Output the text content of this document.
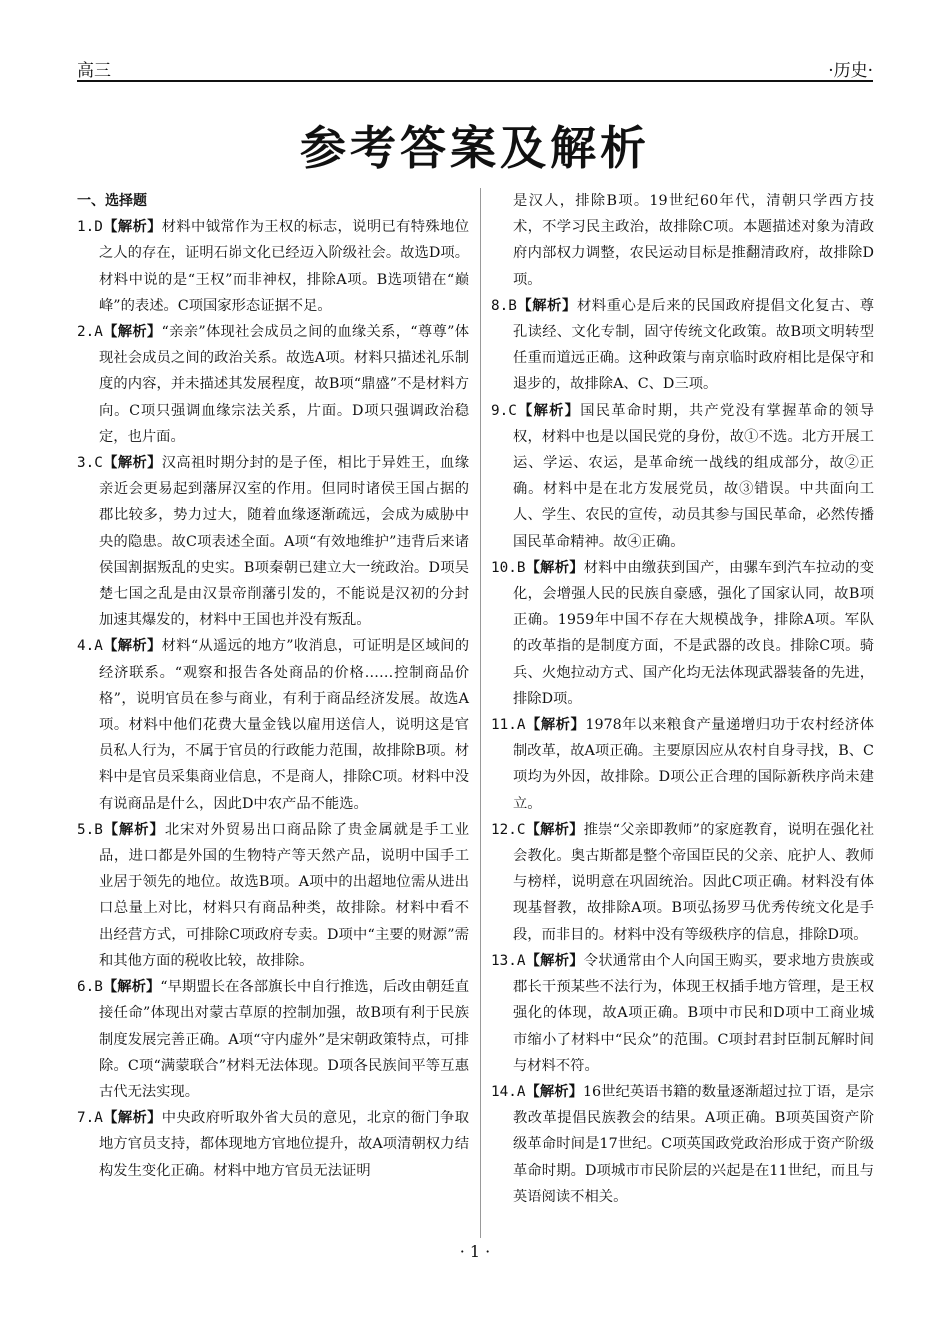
高三	·历史·
参考答案及解析
一、选择题
1.D【解析】材料中钺常作为王权的标志，说明已有特殊地位之人的存在，证明石峁文化已经迈入阶级社会。故选D项。材料中说的是“王权”而非神权，排除A项。B选项错在“巅峰”的表述。C项国家形态证据不足。
2.A【解析】“亲亲”体现社会成员之间的血缘关系，“尊尊”体现社会成员之间的政治关系。故选A项。材料只描述礼乐制度的内容，并未描述其发展程度，故B项“鼎盛”不是材料方向。C项只强调血缘宗法关系，片面。D项只强调政治稳定，也片面。
3.C【解析】汉高祖时期分封的是子侄，相比于异姓王，血缘亲近会更易起到藩屏汉室的作用。但同时诸侯王国占据的郡比较多，势力过大，随着血缘逐渐疏远，会成为威胁中央的隐患。故C项表述全面。A项“有效地维护”违背后来诸侯国割据叛乱的史实。B项秦朝已建立大一统政治。D项吴楚七国之乱是由汉景帝削藩引发的，不能说是汉初的分封加速其爆发的，材料中王国也并没有叛乱。
4.A【解析】材料“从遥远的地方”收消息，可证明是区域间的经济联系。“观察和报告各处商品的价格……控制商品价格”，说明官员在参与商业，有利于商品经济发展。故选A项。材料中他们花费大量金钱以雇用送信人，说明这是官员私人行为，不属于官员的行政能力范围，故排除B项。材料中是官员采集商业信息，不是商人，排除C项。材料中没有说商品是什么，因此D中农产品不能选。
5.B【解析】北宋对外贸易出口商品除了贵金属就是手工业品，进口都是外国的生物特产等天然产品，说明中国手工业居于领先的地位。故选B项。A项中的出超地位需从进出口总量上对比，材料只有商品种类，故排除。材料中看不出经营方式，可排除C项政府专卖。D项中“主要的财源”需和其他方面的税收比较，故排除。
6.B【解析】“早期盟长在各部旗长中自行推选，后改由朝廷直接任命”体现出对蒙古草原的控制加强，故B项有利于民族制度发展完善正确。A项“守内虚外”是宋朝政策特点，可排除。C项“满蒙联合”材料无法体现。D项各民族间平等互惠古代无法实现。
7.A【解析】中央政府听取外省大员的意见，北京的衙门争取地方官员支持，都体现地方官地位提升，故A项清朝权力结构发生变化正确。材料中地方官员无法证明
是汉人，排除B项。19世纪60年代，清朝只学西方技术，不学习民主政治，故排除C项。本题描述对象为清政府内部权力调整，农民运动目标是推翻清政府，故排除D项。
8.B【解析】材料重心是后来的民国政府提倡文化复古、尊孔读经、文化专制，固守传统文化政策。故B项文明转型任重而道远正确。这种政策与南京临时政府相比是保守和退步的，故排除A、C、D三项。
9.C【解析】国民革命时期，共产党没有掌握革命的领导权，材料中也是以国民党的身份，故①不选。北方开展工运、学运、农运，是革命统一战线的组成部分，故②正确。材料中是在北方发展党员，故③错误。中共面向工人、学生、农民的宣传，动员其参与国民革命，必然传播国民革命精神。故④正确。
10.B【解析】材料中由缴获到国产，由骡车到汽车拉动的变化，会增强人民的民族自豪感，强化了国家认同，故B项正确。1959年中国不存在大规模战争，排除A项。军队的改革指的是制度方面，不是武器的改良。排除C项。骑兵、火炮拉动方式、国产化均无法体现武器装备的先进，排除D项。
11.A【解析】1978年以来粮食产量递增归功于农村经济体制改革，故A项正确。主要原因应从农村自身寻找，B、C项均为外因，故排除。D项公正合理的国际新秩序尚未建立。
12.C【解析】推崇“父亲即教师”的家庭教育，说明在强化社会教化。奥古斯都是整个帝国臣民的父亲、庇护人、教师与榜样，说明意在巩固统治。因此C项正确。材料没有体现基督教，故排除A项。B项弘扬罗马优秀传统文化是手段，而非目的。材料中没有等级秩序的信息，排除D项。
13.A【解析】令状通常由个人向国王购买，要求地方贵族或郡长干预某些不法行为，体现王权插手地方管理，是王权强化的体现，故A项正确。B项中市民和D项中工商业城市缩小了材料中“民众”的范围。C项封君封臣制瓦解时间与材料不符。
14.A【解析】16世纪英语书籍的数量逐渐超过拉丁语，是宗教改革提倡民族教会的结果。A项正确。B项英国资产阶级革命时间是17世纪。C项英国政党政治形成于资产阶级革命时期。D项城市市民阶层的兴起是在11世纪，而且与英语阅读不相关。
· 1 ·
